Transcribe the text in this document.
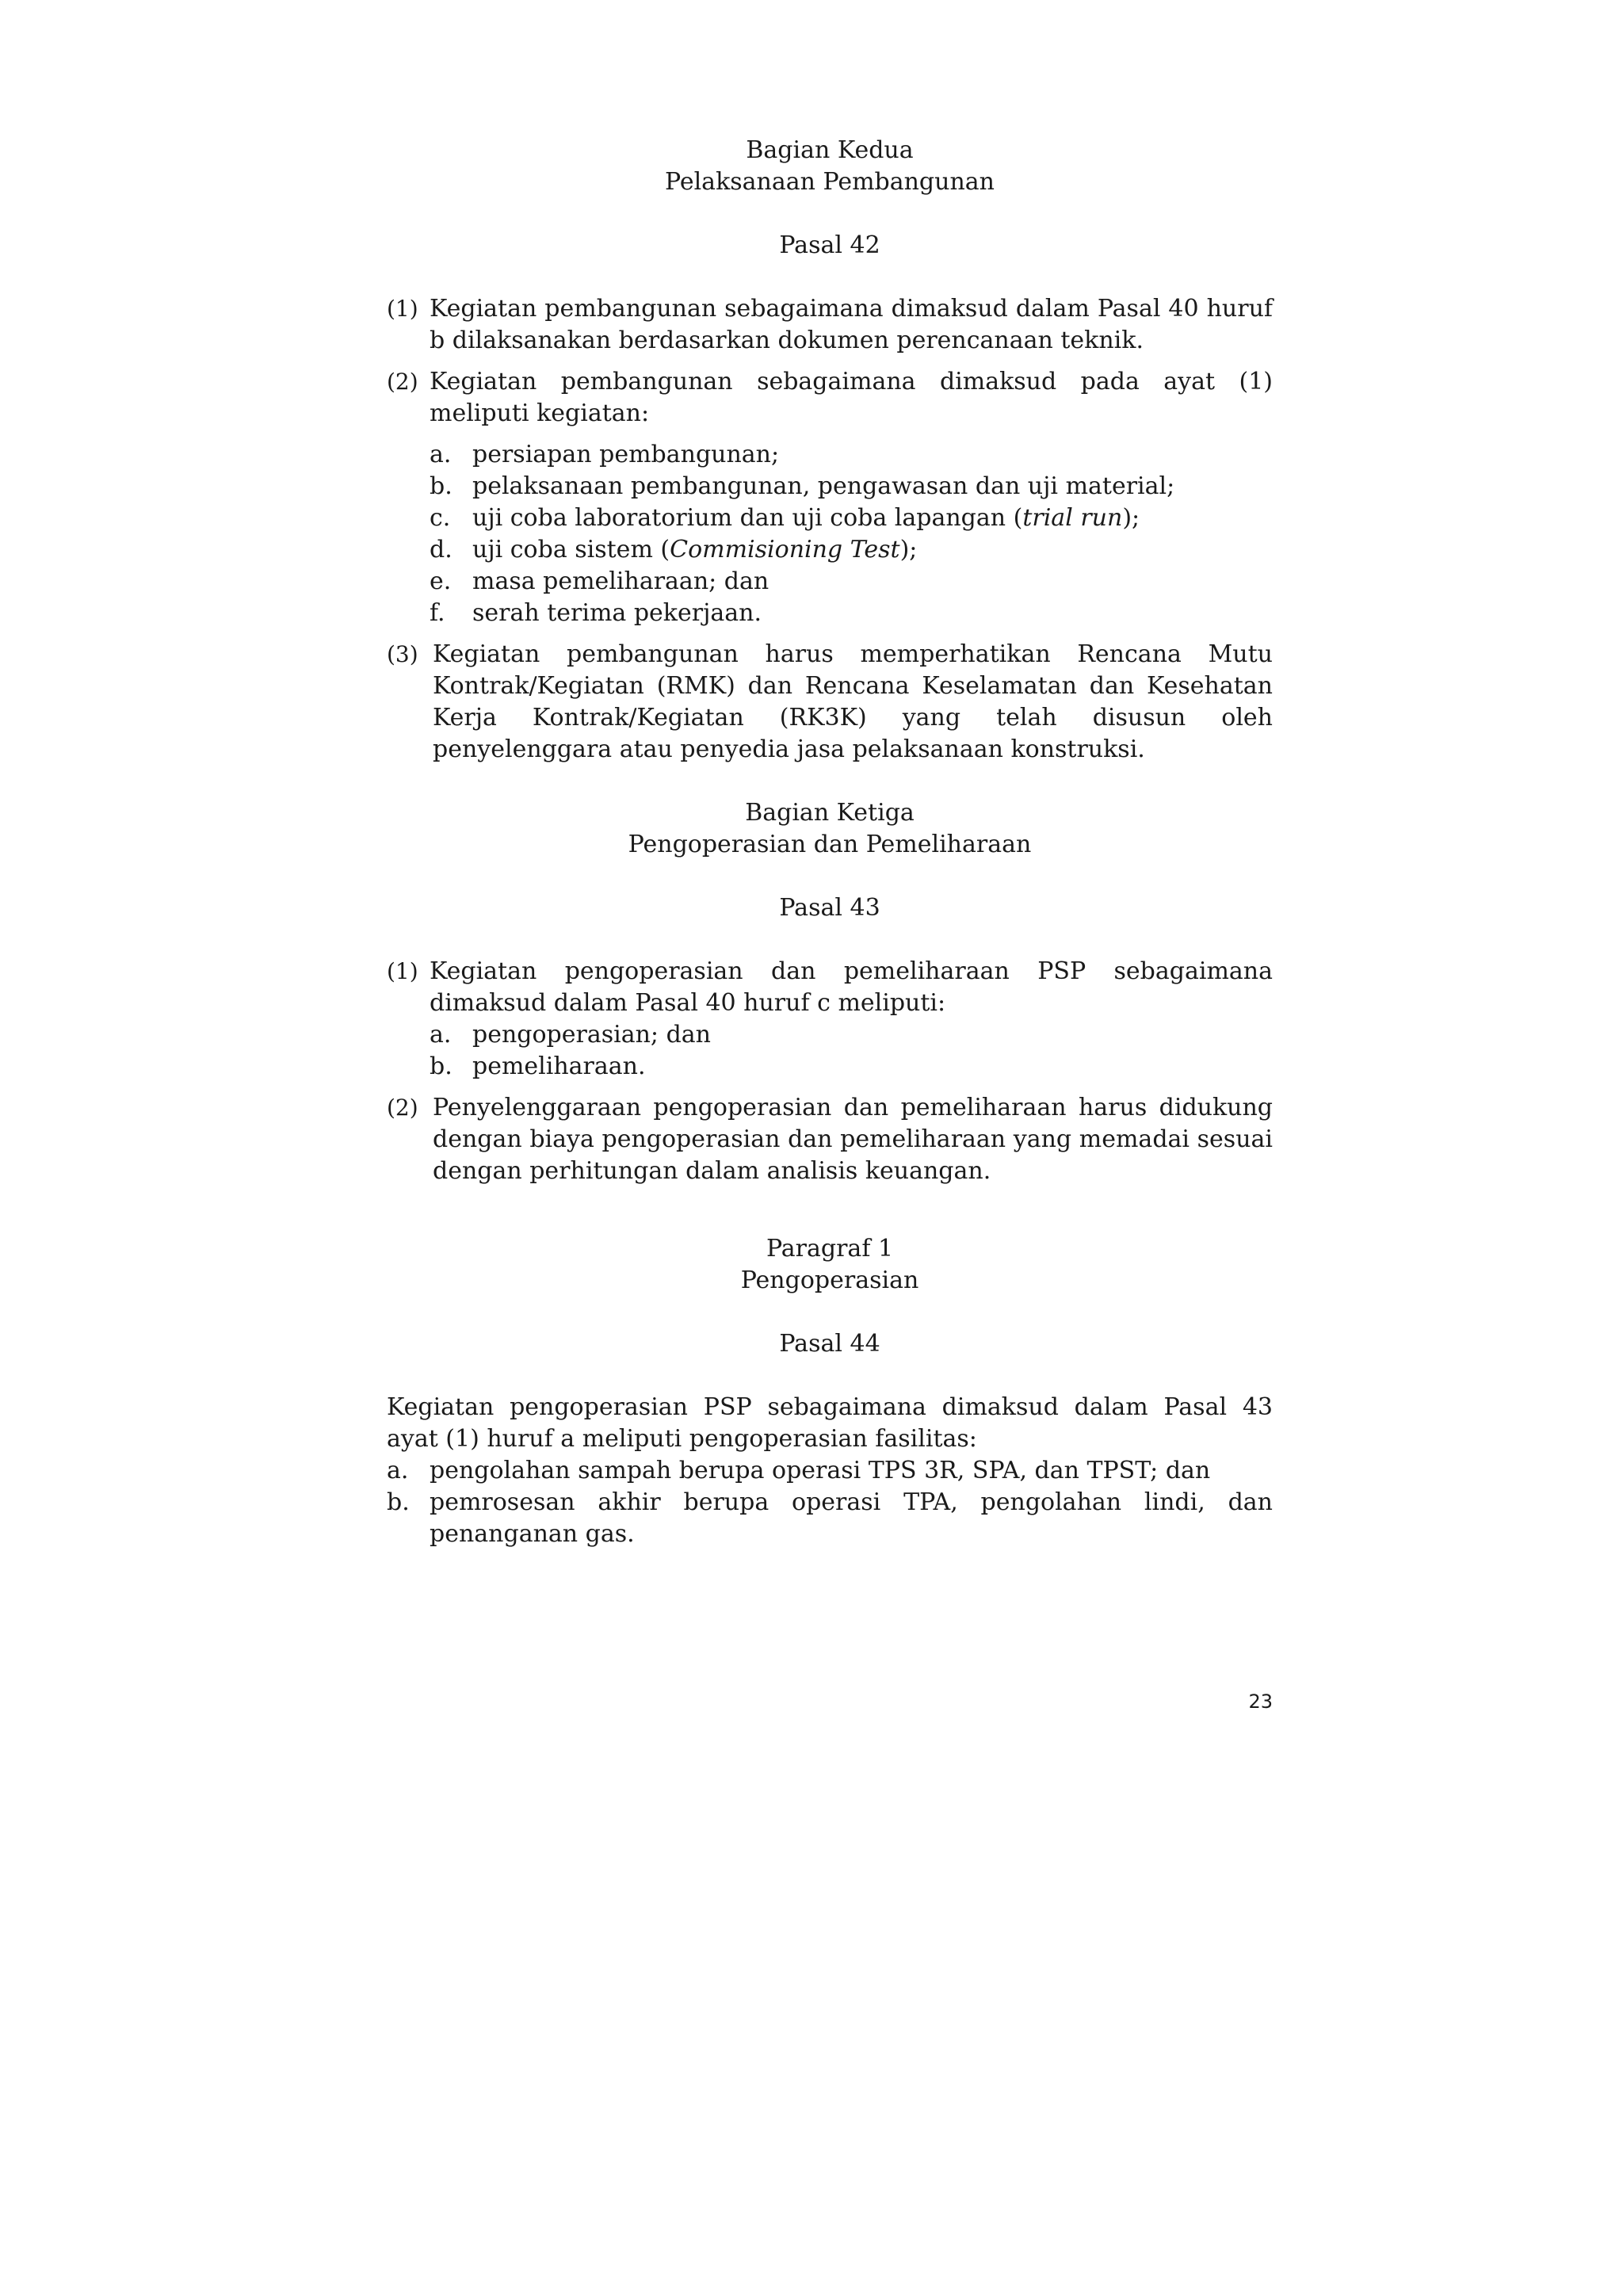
Bagian Kedua

Pelaksanaan Pembangunan

Pasal 42

(1) Kegiatan pembangunan sebagaimana dimaksud dalam Pasal 40 huruf b dilaksanakan berdasarkan dokumen perencanaan teknik.
(2) Kegiatan pembangunan sebagaimana dimaksud pada ayat (1) meliputi kegiatan:
a. persiapan pembangunan;
b. pelaksanaan pembangunan, pengawasan dan uji material;
c. uji coba laboratorium dan uji coba lapangan (trial run);
d. uji coba sistem (Commisioning Test);
e. masa pemeliharaan; dan
f.	serah terima pekerjaan.
(3) Kegiatan pembangunan harus memperhatikan Rencana Mutu Kontrak/Kegiatan (RMK) dan Rencana Keselamatan dan Kesehatan Kerja Kontrak/Kegiatan (RK3K) yang telah disusun oleh penyelenggara atau penyedia jasa pelaksanaan konstruksi.

Bagian Ketiga

Pengoperasian dan Pemeliharaan

Pasal 43

(1) Kegiatan pengoperasian dan pemeliharaan PSP sebagaimana dimaksud dalam Pasal 40 huruf c meliputi:
a. pengoperasian; dan
b. pemeliharaan.
(2) Penyelenggaraan pengoperasian dan pemeliharaan harus didukung dengan biaya pengoperasian dan pemeliharaan yang memadai sesuai dengan perhitungan dalam analisis keuangan.

Paragraf 1

Pengoperasian

Pasal 44

Kegiatan pengoperasian PSP sebagaimana dimaksud dalam Pasal 43 ayat (1) huruf a meliputi pengoperasian fasilitas:

a. pengolahan sampah berupa operasi TPS 3R, SPA, dan TPST; dan
b. pemrosesan akhir berupa operasi TPA, pengolahan lindi, dan penanganan gas.
23
